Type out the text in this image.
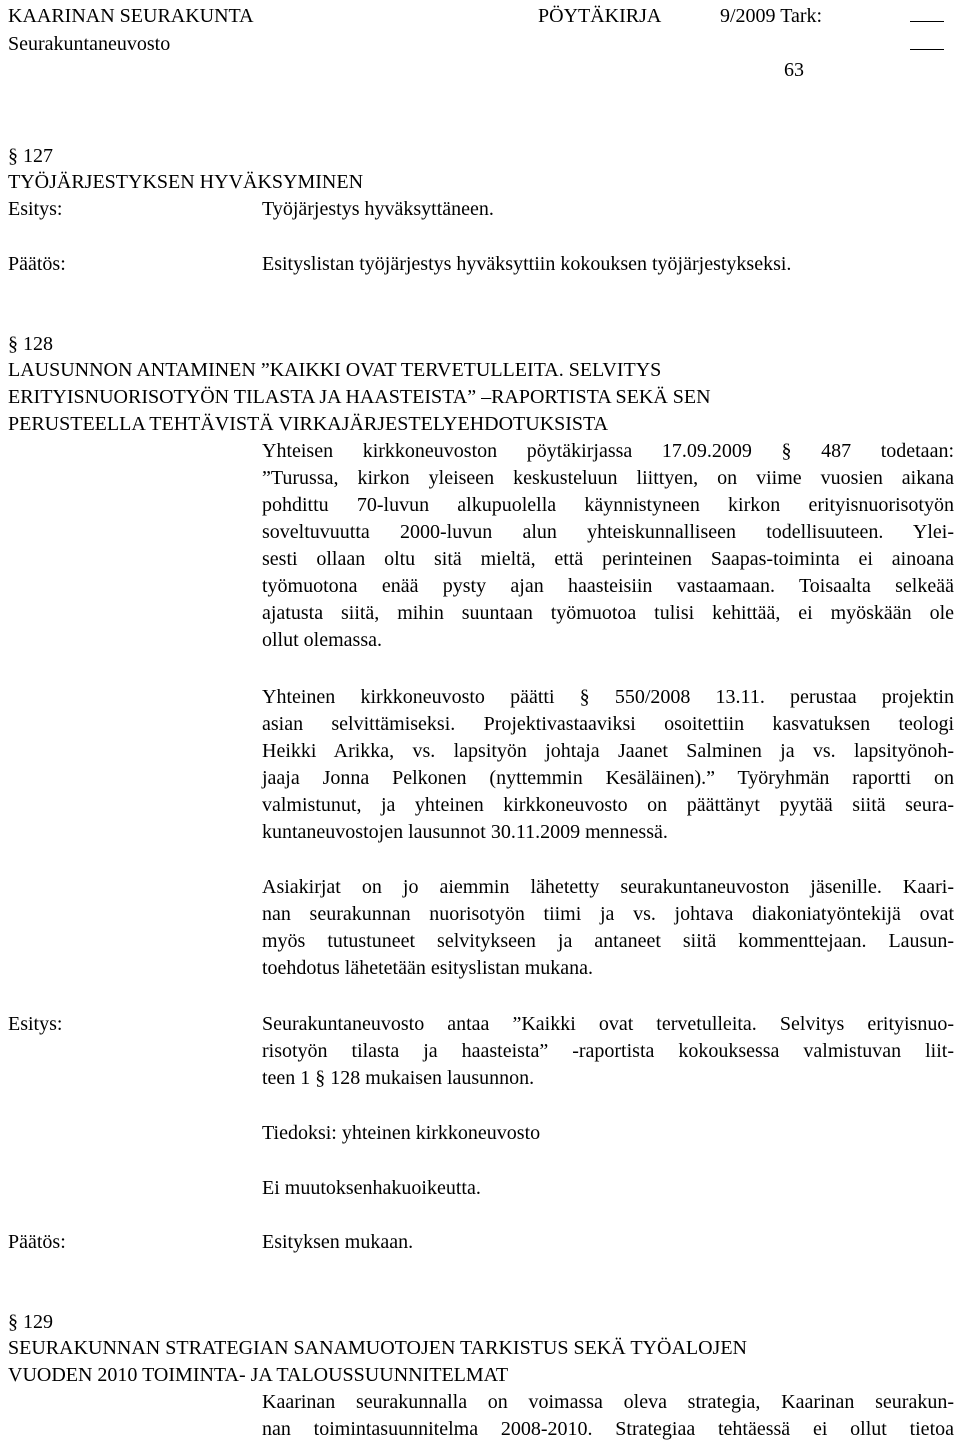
KAARINAN SEURAKUNTA	PÖYTÄKIRJA	9/2009 Tark:
Seurakuntaneuvosto
63
§ 127
TYÖJÄRJESTYKSEN HYVÄKSYMINEN
Esitys:	Työjärjestys hyväksyttäneen.
Päätös:	Esityslistan työjärjestys hyväksyttiin kokouksen työjärjestykseksi.
§ 128
LAUSUNNON ANTAMINEN ”KAIKKI OVAT TERVETULLEITA. SELVITYS
ERITYISNUORISOTYÖN TILASTA JA HAASTEISTA” –RAPORTISTA SEKÄ SEN
PERUSTEELLA TEHTÄVISTÄ VIRKAJÄRJESTELYEHDOTUKSISTA
Yhteisen kirkkoneuvoston pöytäkirjassa 17.09.2009 § 487 todetaan:
”Turussa, kirkon yleiseen keskusteluun liittyen, on viime vuosien aikana
pohdittu 70-luvun alkupuolella käynnistyneen kirkon erityisnuorisotyön
soveltuvuutta 2000-luvun alun yhteiskunnalliseen todellisuuteen. Ylei-
sesti ollaan oltu sitä mieltä, että perinteinen Saapas-toiminta ei ainoana
työmuotona enää pysty ajan haasteisiin vastaamaan. Toisaalta selkeää
ajatusta siitä, mihin suuntaan työmuotoa tulisi kehittää, ei myöskään ole
ollut olemassa.
Yhteinen kirkkoneuvosto päätti § 550/2008 13.11. perustaa projektin
asian selvittämiseksi. Projektivastaaviksi osoitettiin kasvatuksen teologi
Heikki Arikka, vs. lapsityön johtaja Jaanet Salminen ja vs. lapsityönoh-
jaaja Jonna Pelkonen (nyttemmin Kesäläinen).” Työryhmän raportti on
valmistunut, ja yhteinen kirkkoneuvosto on päättänyt pyytää siitä seura-
kuntaneuvostojen lausunnot 30.11.2009 mennessä.
Asiakirjat on jo aiemmin lähetetty seurakuntaneuvoston jäsenille. Kaari-
nan seurakunnan nuorisotyön tiimi ja vs. johtava diakoniatyöntekijä ovat
myös tutustuneet selvitykseen ja antaneet siitä kommenttejaan. Lausun-
toehdotus lähetetään esityslistan mukana.
Esitys:	Seurakuntaneuvosto antaa ”Kaikki ovat tervetulleita. Selvitys erityisnuo-
risotyön tilasta ja haasteista” -raportista kokouksessa valmistuvan liit-
teen 1 § 128 mukaisen lausunnon.
Tiedoksi: yhteinen kirkkoneuvosto
Ei muutoksenhakuoikeutta.
Päätös:	Esityksen mukaan.
§ 129
SEURAKUNNAN STRATEGIAN SANAMUOTOJEN TARKISTUS SEKÄ TYÖALOJEN
VUODEN 2010 TOIMINTA- JA TALOUSSUUNNITELMAT
Kaarinan seurakunnalla on voimassa oleva strategia, Kaarinan seurakun-
nan toimintasuunnitelma 2008-2010. Strategiaa tehtäessä ei ollut tietoa
